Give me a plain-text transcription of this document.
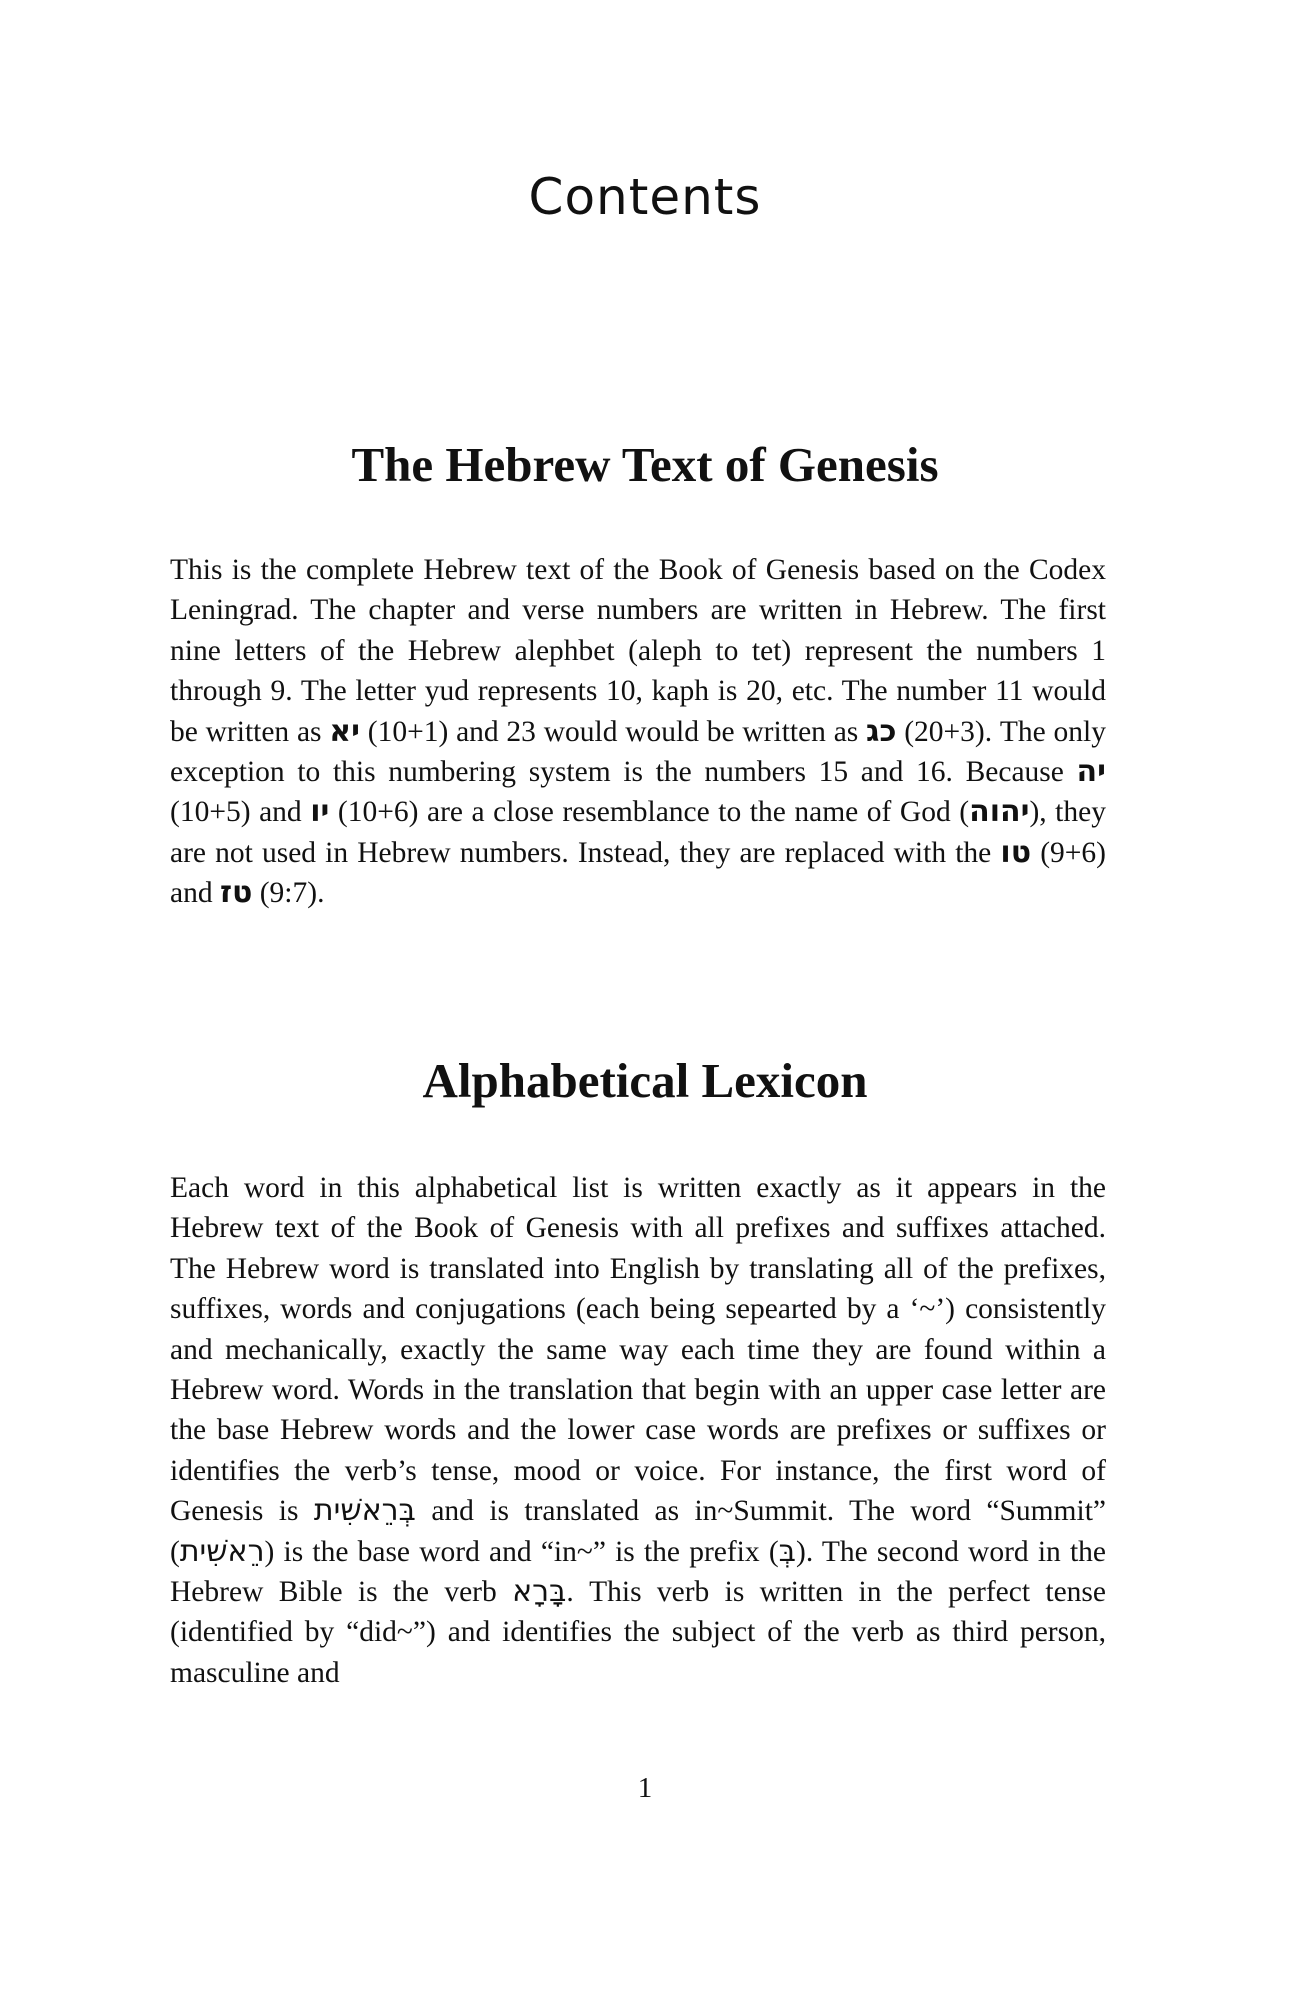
Contents
The Hebrew Text of Genesis

This is the complete Hebrew text of the Book of Genesis based on the Codex Leningrad. The chapter and verse numbers are written in Hebrew. The first nine letters of the Hebrew alephbet (aleph to tet) represent the numbers 1 through 9. The letter yud represents 10, kaph is 20, etc. The number 11 would be written as יא (10+1) and 23 would would be written as כג (20+3). The only exception to this numbering system is the numbers 15 and 16. Because יה (10+5) and יו (10+6) are a close resemblance to the name of God (יהוה), they are not used in Hebrew numbers. Instead, they are replaced with the טו (9+6) and טז (9:7).

Alphabetical Lexicon

Each word in this alphabetical list is written exactly as it appears in the Hebrew text of the Book of Genesis with all prefixes and suffixes attached. The Hebrew word is translated into English by translating all of the prefixes, suffixes, words and conjugations (each being sepearted by a ‘~’) consistently and mechanically, exactly the same way each time they are found within a Hebrew word. Words in the translation that begin with an upper case letter are the base Hebrew words and the lower case words are prefixes or suffixes or identifies the verb’s tense, mood or voice. For instance, the first word of Genesis is בְּרֵאשִׁית and is translated as in~Summit. The word “Summit” (רֵאשִׁית) is the base word and “in~” is the prefix (בְּ). The second word in the Hebrew Bible is the verb בָּרָא. This verb is written in the perfect tense (identified by “did~”) and identifies the subject of the verb as third person, masculine and

1
